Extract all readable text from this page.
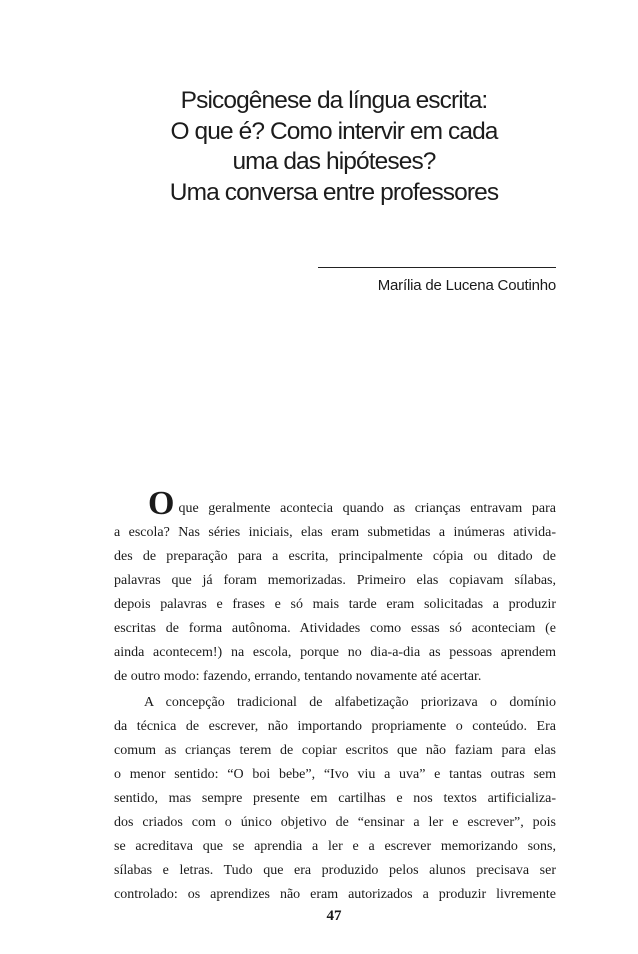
Psicogênese da língua escrita:
O que é? Como intervir em cada
uma das hipóteses?
Uma conversa entre professores
Marília de Lucena Coutinho
Oque geralmente acontecia quando as crianças entravam para
a escola? Nas séries iniciais, elas eram submetidas a inúmeras ativida-
des de preparação para a escrita, principalmente cópia ou ditado de
palavras que já foram memorizadas. Primeiro elas copiavam sílabas,
depois palavras e frases e só mais tarde eram solicitadas a produzir
escritas de forma autônoma. Atividades como essas só aconteciam (e
ainda acontecem!) na escola, porque no dia-a-dia as pessoas aprendem
de outro modo: fazendo, errando, tentando novamente até acertar.
A concepção tradicional de alfabetização priorizava o domínio
da técnica de escrever, não importando propriamente o conteúdo. Era
comum as crianças terem de copiar escritos que não faziam para elas
o menor sentido: “O boi bebe”, “Ivo viu a uva” e tantas outras sem
sentido, mas sempre presente em cartilhas e nos textos artificializa-
dos criados com o único objetivo de “ensinar a ler e escrever”, pois
se acreditava que se aprendia a ler e a escrever memorizando sons,
sílabas e letras. Tudo que era produzido pelos alunos precisava ser
controlado: os aprendizes não eram autorizados a produzir livremente
47
